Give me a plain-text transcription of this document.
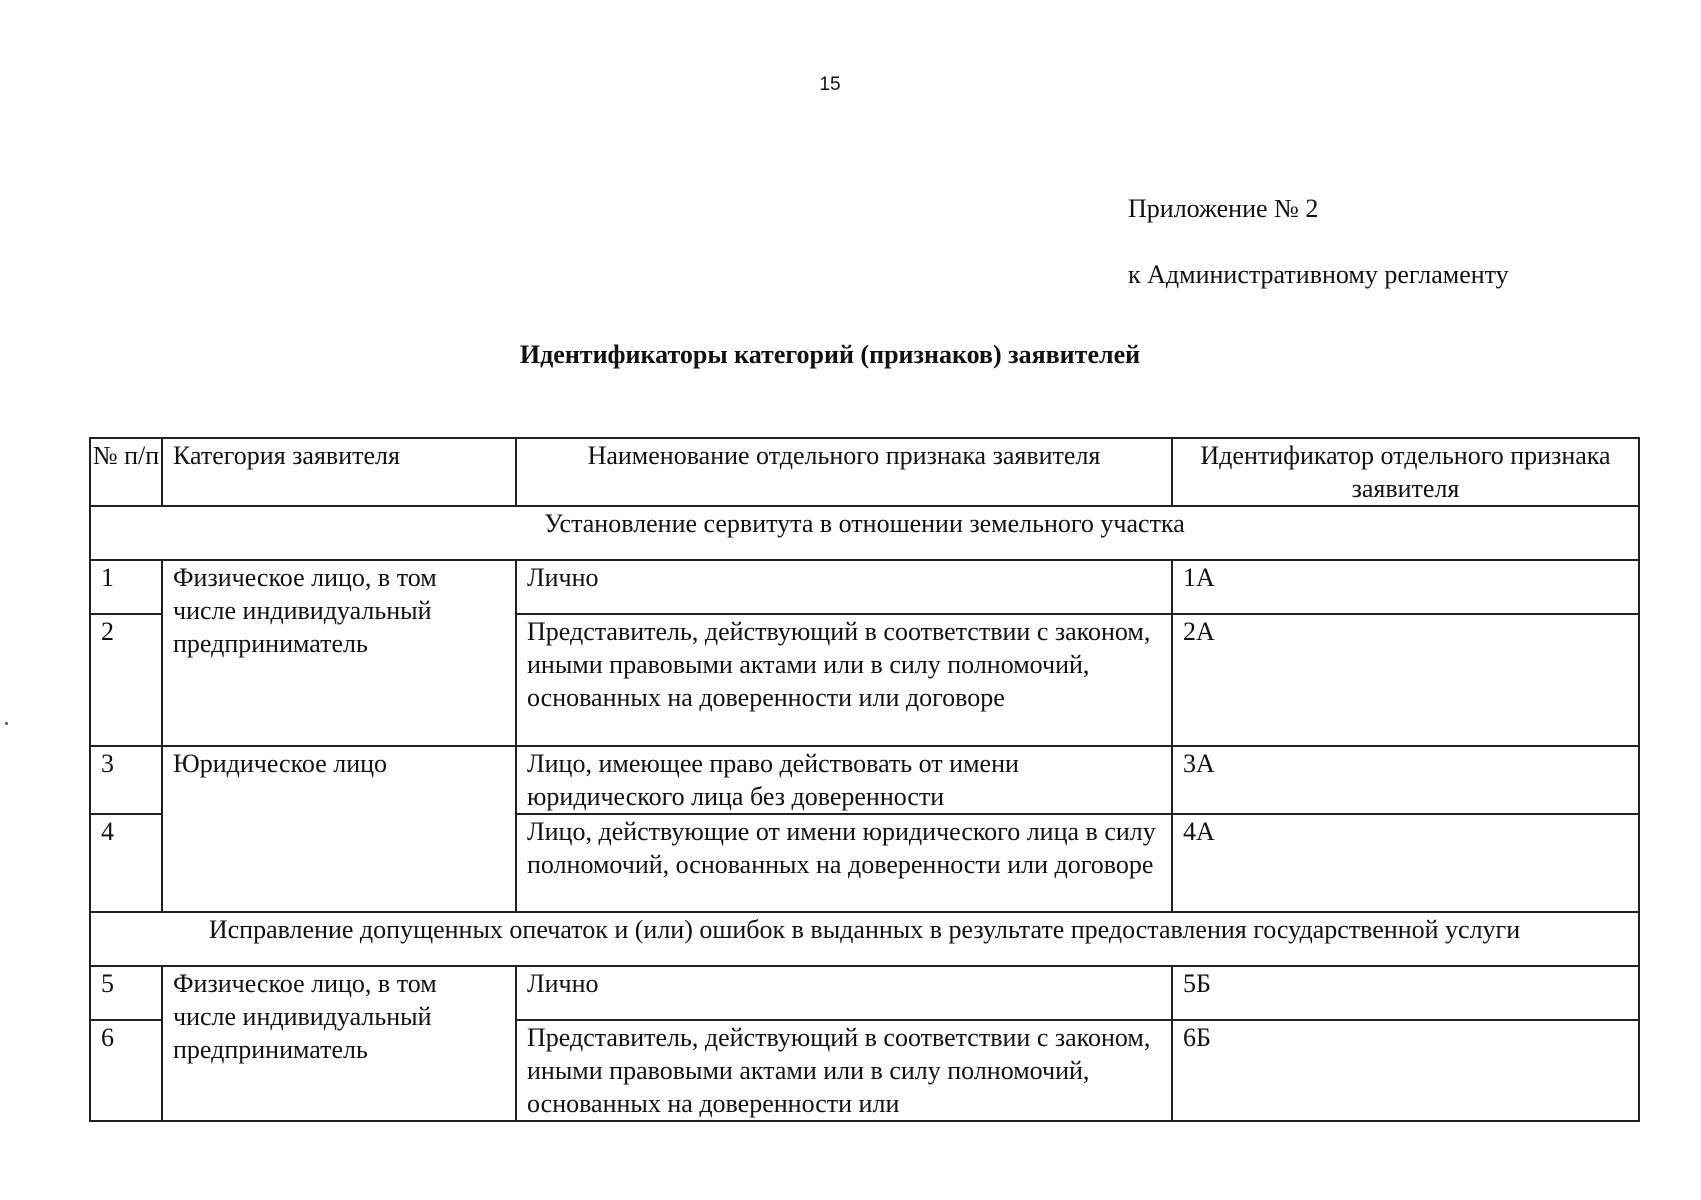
15
Приложение № 2
к Административному регламенту
Идентификаторы категорий (признаков) заявителей
№ п/п	Категория заявителя	Наименование отдельного признака заявителя	Идентификатор отдельного признака заявителя
Установление сервитута в отношении земельного участка			
1	Физическое лицо, в том числе индивидуальный предприниматель	Лично	1А
2		Представитель, действующий в соответствии с законом, иными правовыми актами или в силу полномочий, основанных на доверенности или договоре	2А
3	Юридическое лицо	Лицо, имеющее право действовать от имени юридического лица без доверенности	3А
4		Лицо, действующие от имени юридического лица в силу полномочий, основанных на доверенности или договоре	4А
Исправление допущенных опечаток и (или) ошибок в выданных в результате предоставления государственной услуги			
5	Физическое лицо, в том числе индивидуальный предприниматель	Лично	5Б
6		Представитель, действующий в соответствии с законом, иными правовыми актами или в силу полномочий, основанных на доверенности или	6Б
